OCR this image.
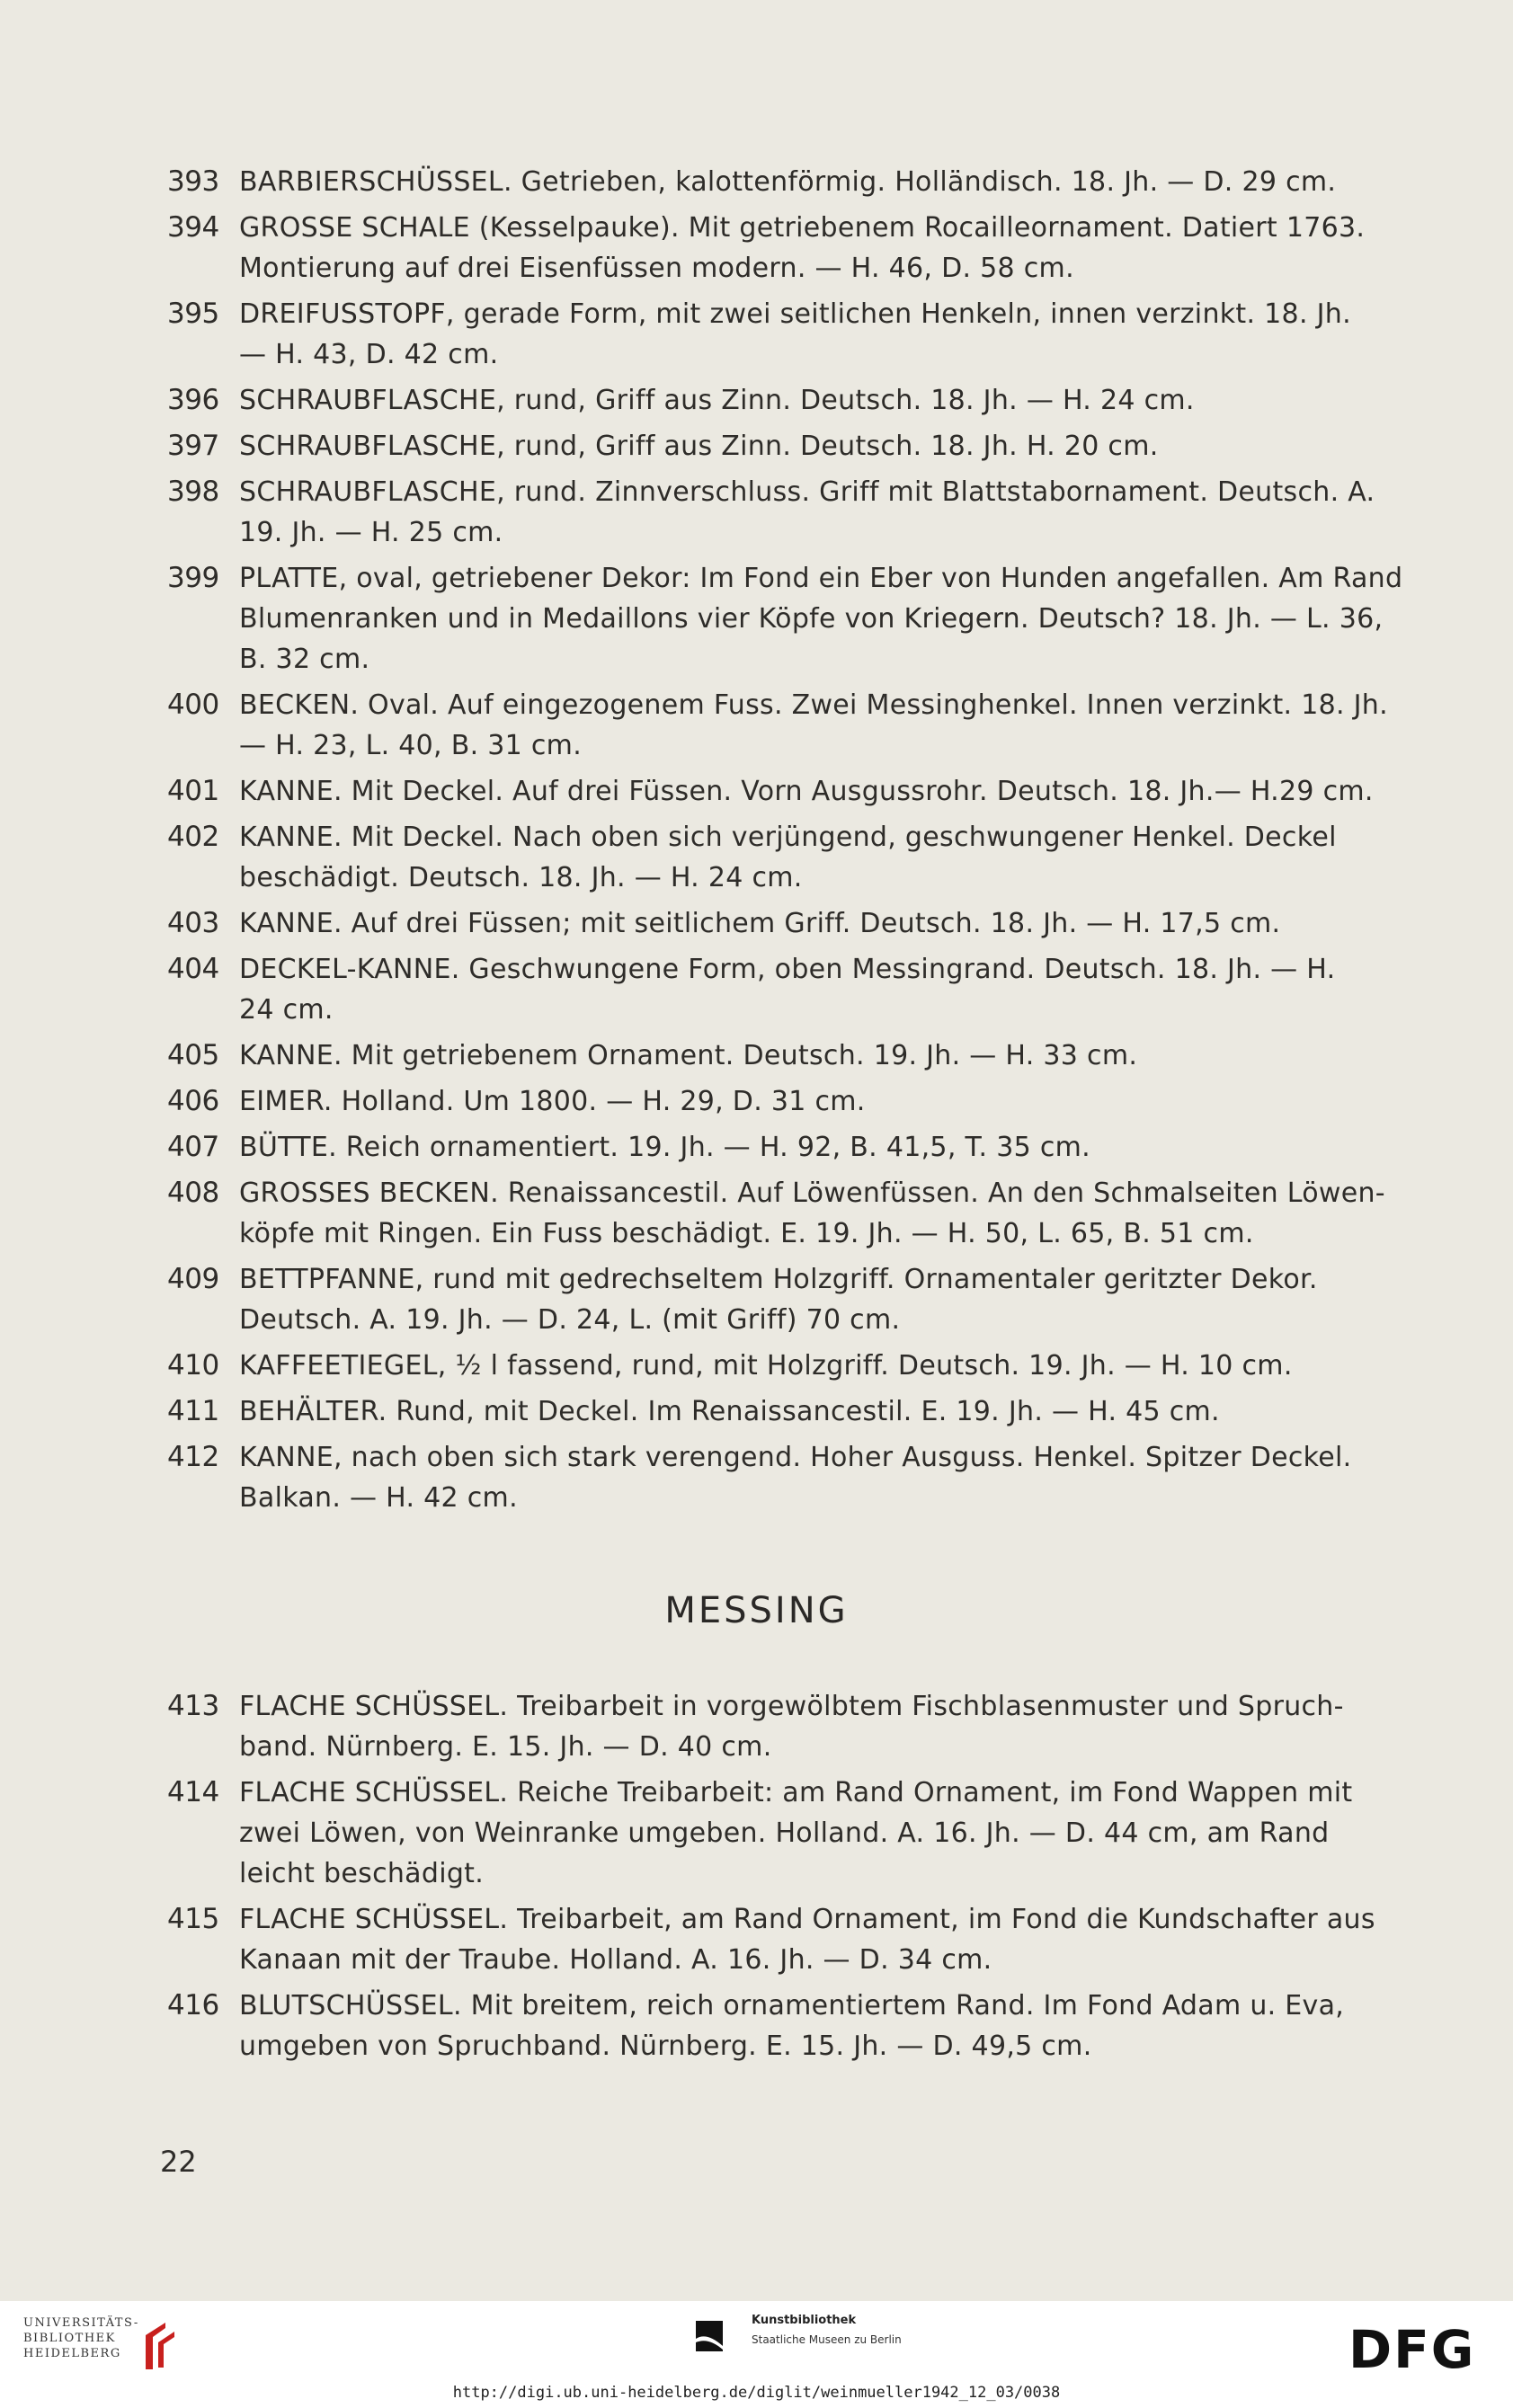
393 BARBIERSCHÜSSEL. Getrieben, kalottenförmig. Holländisch. 18. Jh. — D. 29 cm.
394 GROSSE SCHALE (Kesselpauke). Mit getriebenem Rocailleornament. Datiert 1763.
Montierung auf drei Eisenfüssen modern. — H. 46, D. 58 cm.
395 DREIFUSSTOPF, gerade Form, mit zwei seitlichen Henkeln, innen verzinkt. 18. Jh.
— H. 43, D. 42 cm.
396 SCHRAUBFLASCHE, rund, Griff aus Zinn. Deutsch. 18. Jh. — H. 24 cm.
397 SCHRAUBFLASCHE, rund, Griff aus Zinn. Deutsch. 18. Jh. H. 20 cm.
398 SCHRAUBFLASCHE, rund. Zinnverschluss. Griff mit Blattstabornament. Deutsch. A.
19. Jh. — H. 25 cm.
399 PLATTE, oval, getriebener Dekor: Im Fond ein Eber von Hunden angefallen. Am Rand
Blumenranken und in Medaillons vier Köpfe von Kriegern. Deutsch? 18. Jh. — L. 36,
B. 32 cm.
400 BECKEN. Oval. Auf eingezogenem Fuss. Zwei Messinghenkel. Innen verzinkt. 18. Jh.
— H. 23, L. 40, B. 31 cm.
401 KANNE. Mit Deckel. Auf drei Füssen. Vorn Ausgussrohr. Deutsch. 18. Jh.— H.29 cm.
402 KANNE. Mit Deckel. Nach oben sich verjüngend, geschwungener Henkel. Deckel
beschädigt. Deutsch. 18. Jh. — H. 24 cm.
403 KANNE. Auf drei Füssen; mit seitlichem Griff. Deutsch. 18. Jh. — H. 17,5 cm.
404 DECKEL-KANNE. Geschwungene Form, oben Messingrand. Deutsch. 18. Jh. — H.
24 cm.
405 KANNE. Mit getriebenem Ornament. Deutsch. 19. Jh. — H. 33 cm.
406 EIMER. Holland. Um 1800. — H. 29, D. 31 cm.
407 BÜTTE. Reich ornamentiert. 19. Jh. — H. 92, B. 41,5, T. 35 cm.
408 GROSSES BECKEN. Renaissancestil. Auf Löwenfüssen. An den Schmalseiten Löwen-
köpfe mit Ringen. Ein Fuss beschädigt. E. 19. Jh. — H. 50, L. 65, B. 51 cm.
409 BETTPFANNE, rund mit gedrechseltem Holzgriff. Ornamentaler geritzter Dekor.
Deutsch. A. 19. Jh. — D. 24, L. (mit Griff) 70 cm.
410 KAFFEETIEGEL, ½ l fassend, rund, mit Holzgriff. Deutsch. 19. Jh. — H. 10 cm.
411 BEHÄLTER. Rund, mit Deckel. Im Renaissancestil. E. 19. Jh. — H. 45 cm.
412 KANNE, nach oben sich stark verengend. Hoher Ausguss. Henkel. Spitzer Deckel.
Balkan. — H. 42 cm.
MESSING
413 FLACHE SCHÜSSEL. Treibarbeit in vorgewölbtem Fischblasenmuster und Spruch-
band. Nürnberg. E. 15. Jh. — D. 40 cm.
414 FLACHE SCHÜSSEL. Reiche Treibarbeit: am Rand Ornament, im Fond Wappen mit
zwei Löwen, von Weinranke umgeben. Holland. A. 16. Jh. — D. 44 cm, am Rand
leicht beschädigt.
415 FLACHE SCHÜSSEL. Treibarbeit, am Rand Ornament, im Fond die Kundschafter aus
Kanaan mit der Traube. Holland. A. 16. Jh. — D. 34 cm.
416 BLUTSCHÜSSEL. Mit breitem, reich ornamentiertem Rand. Im Fond Adam u. Eva,
umgeben von Spruchband. Nürnberg. E. 15. Jh. — D. 49,5 cm.
22
UNIVERSITÄTS-
BIBLIOTHEK
HEIDELBERG
Kunstbibliothek
Staatliche Museen zu Berlin	DFG
http://digi.ub.uni-heidelberg.de/diglit/weinmueller1942_12_03/0038
